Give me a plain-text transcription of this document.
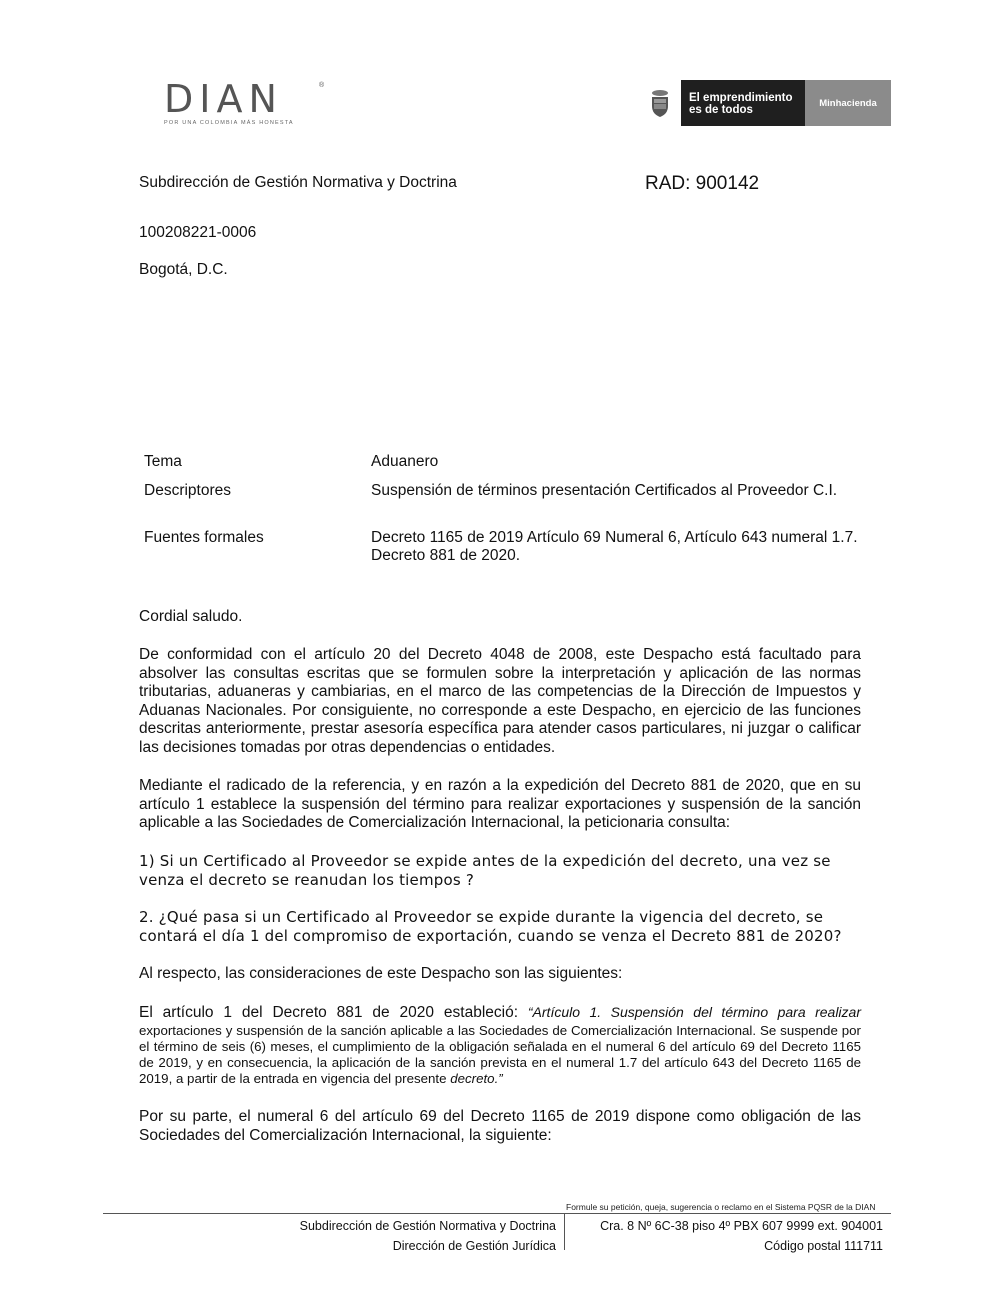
DIAN	®
POR UNA COLOMBIA MÁS HONESTA
El emprendimiento
es de todos
Minhacienda
Subdirección de Gestión Normativa y Doctrina	RAD: 900142
100208221-0006
Bogotá, D.C.
Tema	Aduanero
Descriptores	Suspensión de términos presentación Certificados al Proveedor C.I.
Fuentes formales	Decreto 1165 de 2019 Artículo 69 Numeral 6, Artículo 643 numeral 1.7.
Decreto 881 de 2020.
Cordial saludo.
De conformidad con el artículo 20 del Decreto 4048 de 2008, este Despacho está facultado para absolver las consultas escritas que se formulen sobre la interpretación y aplicación de las normas tributarias, aduaneras y cambiarias, en el marco de las competencias de la Dirección de Impuestos y Aduanas Nacionales. Por consiguiente, no corresponde a este Despacho, en ejercicio de las funciones descritas anteriormente, prestar asesoría específica para atender casos particulares, ni juzgar o calificar las decisiones tomadas por otras dependencias o entidades.
Mediante el radicado de la referencia, y en razón a la expedición del Decreto 881 de 2020, que en su artículo 1 establece la suspensión del término para realizar exportaciones y suspensión de la sanción aplicable a las Sociedades de Comercialización Internacional, la peticionaria consulta:
1) Si un Certificado al Proveedor se expide antes de la expedición del decreto, una vez se venza el decreto se reanudan los tiempos ?
2. ¿Qué pasa si un Certificado al Proveedor se expide durante la vigencia del decreto, se contará el día 1 del compromiso de exportación, cuando se venza el Decreto 881 de 2020?
Al respecto, las consideraciones de este Despacho son las siguientes:
El artículo 1 del Decreto 881 de 2020 estableció: “Artículo 1. Suspensión del término para realizar
exportaciones y suspensión de la sanción aplicable a las Sociedades de Comercialización Internacional. Se suspende por el término de seis (6) meses, el cumplimiento de la obligación señalada en el numeral 6 del artículo 69 del Decreto 1165 de 2019, y en consecuencia, la aplicación de la sanción prevista en el numeral 1.7 del artículo 643 del Decreto 1165 de 2019, a partir de la entrada en vigencia del presente decreto.”
Por su parte, el numeral 6 del artículo 69 del Decreto 1165 de 2019 dispone como obligación de las Sociedades del Comercialización Internacional, la siguiente:
Formule su petición, queja, sugerencia o reclamo en el Sistema PQSR de la DIAN
Subdirección de Gestión Normativa y Doctrina
Dirección de Gestión Jurídica
Cra. 8 Nº 6C-38 piso 4º PBX 607 9999 ext. 904001
Código postal 111711
